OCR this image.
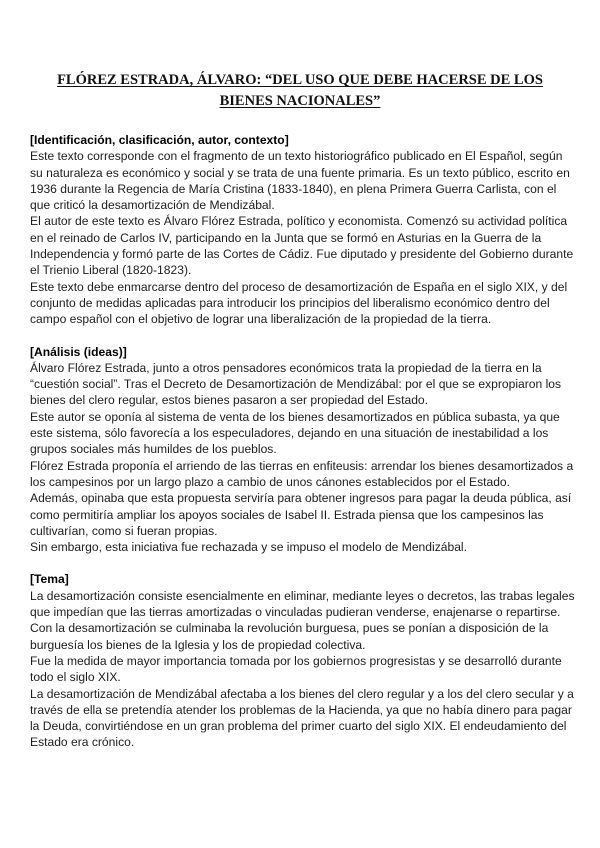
FLÓREZ ESTRADA, ÁLVARO: “DEL USO QUE DEBE HACERSE DE LOS BIENES NACIONALES”

[Identificación, clasificación, autor, contexto]

Este texto corresponde con el fragmento de un texto historiográfico publicado en El Español, según su naturaleza es económico y social y se trata de una fuente primaria. Es un texto público, escrito en 1936 durante la Regencia de María Cristina (1833-1840), en plena Primera Guerra Carlista, con el que criticó la desamortización de Mendizábal.

El autor de este texto es Álvaro Flórez Estrada, político y economista. Comenzó su actividad política en el reinado de Carlos IV, participando en la Junta que se formó en Asturias en la Guerra de la Independencia y formó parte de las Cortes de Cádiz. Fue diputado y presidente del Gobierno durante el Trienio Liberal (1820-1823).

Este texto debe enmarcarse dentro del proceso de desamortización de España en el siglo XIX, y del conjunto de medidas aplicadas para introducir los principios del liberalismo económico dentro del campo español con el objetivo de lograr una liberalización de la propiedad de la tierra.

[Análisis (ideas)]

Álvaro Flórez Estrada, junto a otros pensadores económicos trata la propiedad de la tierra en la “cuestión social”. Tras el Decreto de Desamortización de Mendizábal: por el que se expropiaron los bienes del clero regular, estos bienes pasaron a ser propiedad del Estado.

Este autor se oponía al sistema de venta de los bienes desamortizados en pública subasta, ya que este sistema, sólo favorecía a los especuladores, dejando en una situación de inestabilidad a los grupos sociales más humildes de los pueblos.

Flórez Estrada proponía el arriendo de las tierras en enfiteusis: arrendar los bienes desamortizados a los campesinos por un largo plazo a cambio de unos cánones establecidos por el Estado.

Además, opinaba que esta propuesta serviría para obtener ingresos para pagar la deuda pública, así como permitiría ampliar los apoyos sociales de Isabel II. Estrada piensa que los campesinos las cultivarían, como si fueran propias.

Sin embargo, esta iniciativa fue rechazada y se impuso el modelo de Mendizábal.

[Tema]

La desamortización consiste esencialmente en eliminar, mediante leyes o decretos, las trabas legales que impedían que las tierras amortizadas o vinculadas pudieran venderse, enajenarse o repartirse. Con la desamortización se culminaba la revolución burguesa, pues se ponían a disposición de la burguesía los bienes de la Iglesia y los de propiedad colectiva.

Fue la medida de mayor importancia tomada por los gobiernos progresistas y se desarrolló durante todo el siglo XIX.

La desamortización de Mendizábal afectaba a los bienes del clero regular y a los del clero secular y a través de ella se pretendía atender los problemas de la Hacienda, ya que no había dinero para pagar la Deuda, convirtiéndose en un gran problema del primer cuarto del siglo XIX. El endeudamiento del Estado era crónico.
